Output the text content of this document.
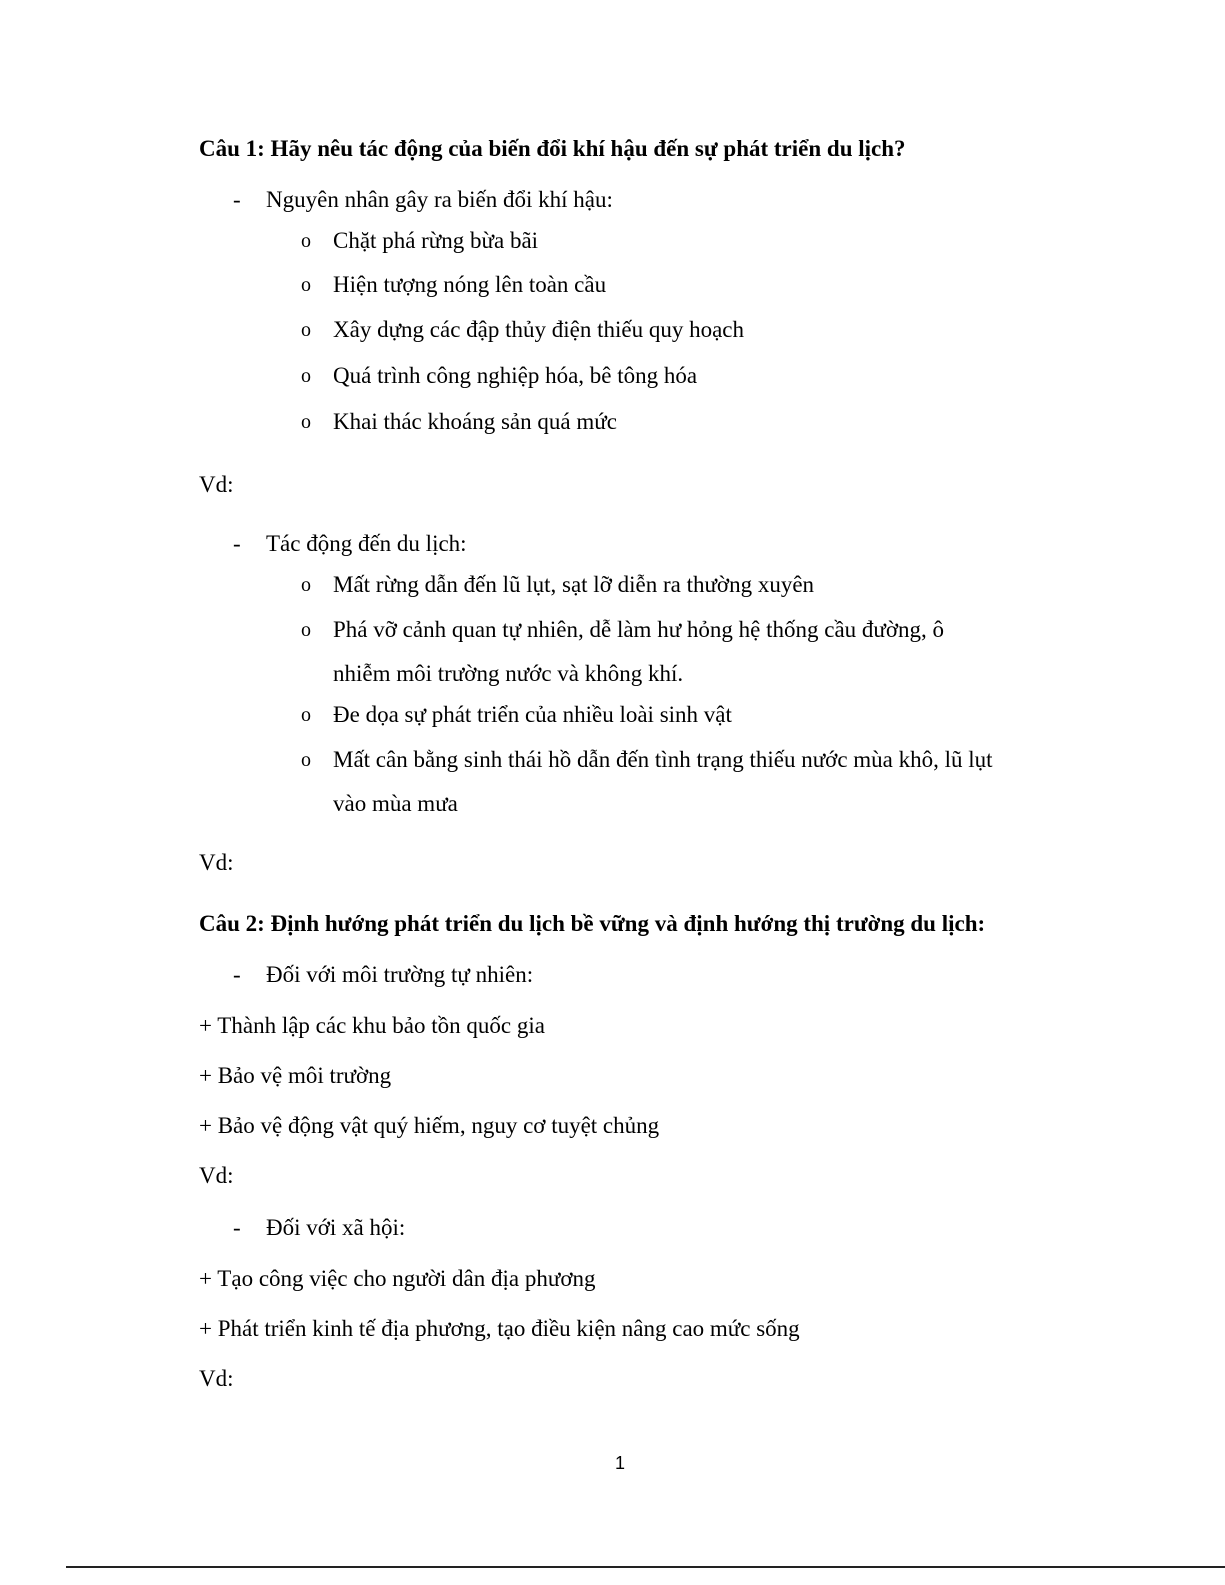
Câu 1: Hãy nêu tác động của biến đổi khí hậu đến sự phát triển du lịch?
- Nguyên nhân gây ra biến đổi khí hậu:
o Chặt phá rừng bừa bãi
o Hiện tượng nóng lên toàn cầu
o Xây dựng các đập thủy điện thiếu quy hoạch
o Quá trình công nghiệp hóa, bê tông hóa
o Khai thác khoáng sản quá mức
Vd:
- Tác động đến du lịch:
o Mất rừng dẫn đến lũ lụt, sạt lỡ diễn ra thường xuyên
o Phá vỡ cảnh quan tự nhiên, dễ làm hư hỏng hệ thống cầu đường, ô
nhiễm môi trường nước và không khí.
o Đe dọa sự phát triển của nhiều loài sinh vật
o Mất cân bằng sinh thái hồ dẫn đến tình trạng thiếu nước mùa khô, lũ lụt
vào mùa mưa
Vd:
Câu 2: Định hướng phát triển du lịch bề vững và định hướng thị trường du lịch:
- Đối với môi trường tự nhiên:
+ Thành lập các khu bảo tồn quốc gia
+ Bảo vệ môi trường
+ Bảo vệ động vật quý hiếm, nguy cơ tuyệt chủng
Vd:
- Đối với xã hội:
+ Tạo công việc cho người dân địa phương
+ Phát triển kinh tế địa phương, tạo điều kiện nâng cao mức sống
Vd:
1
